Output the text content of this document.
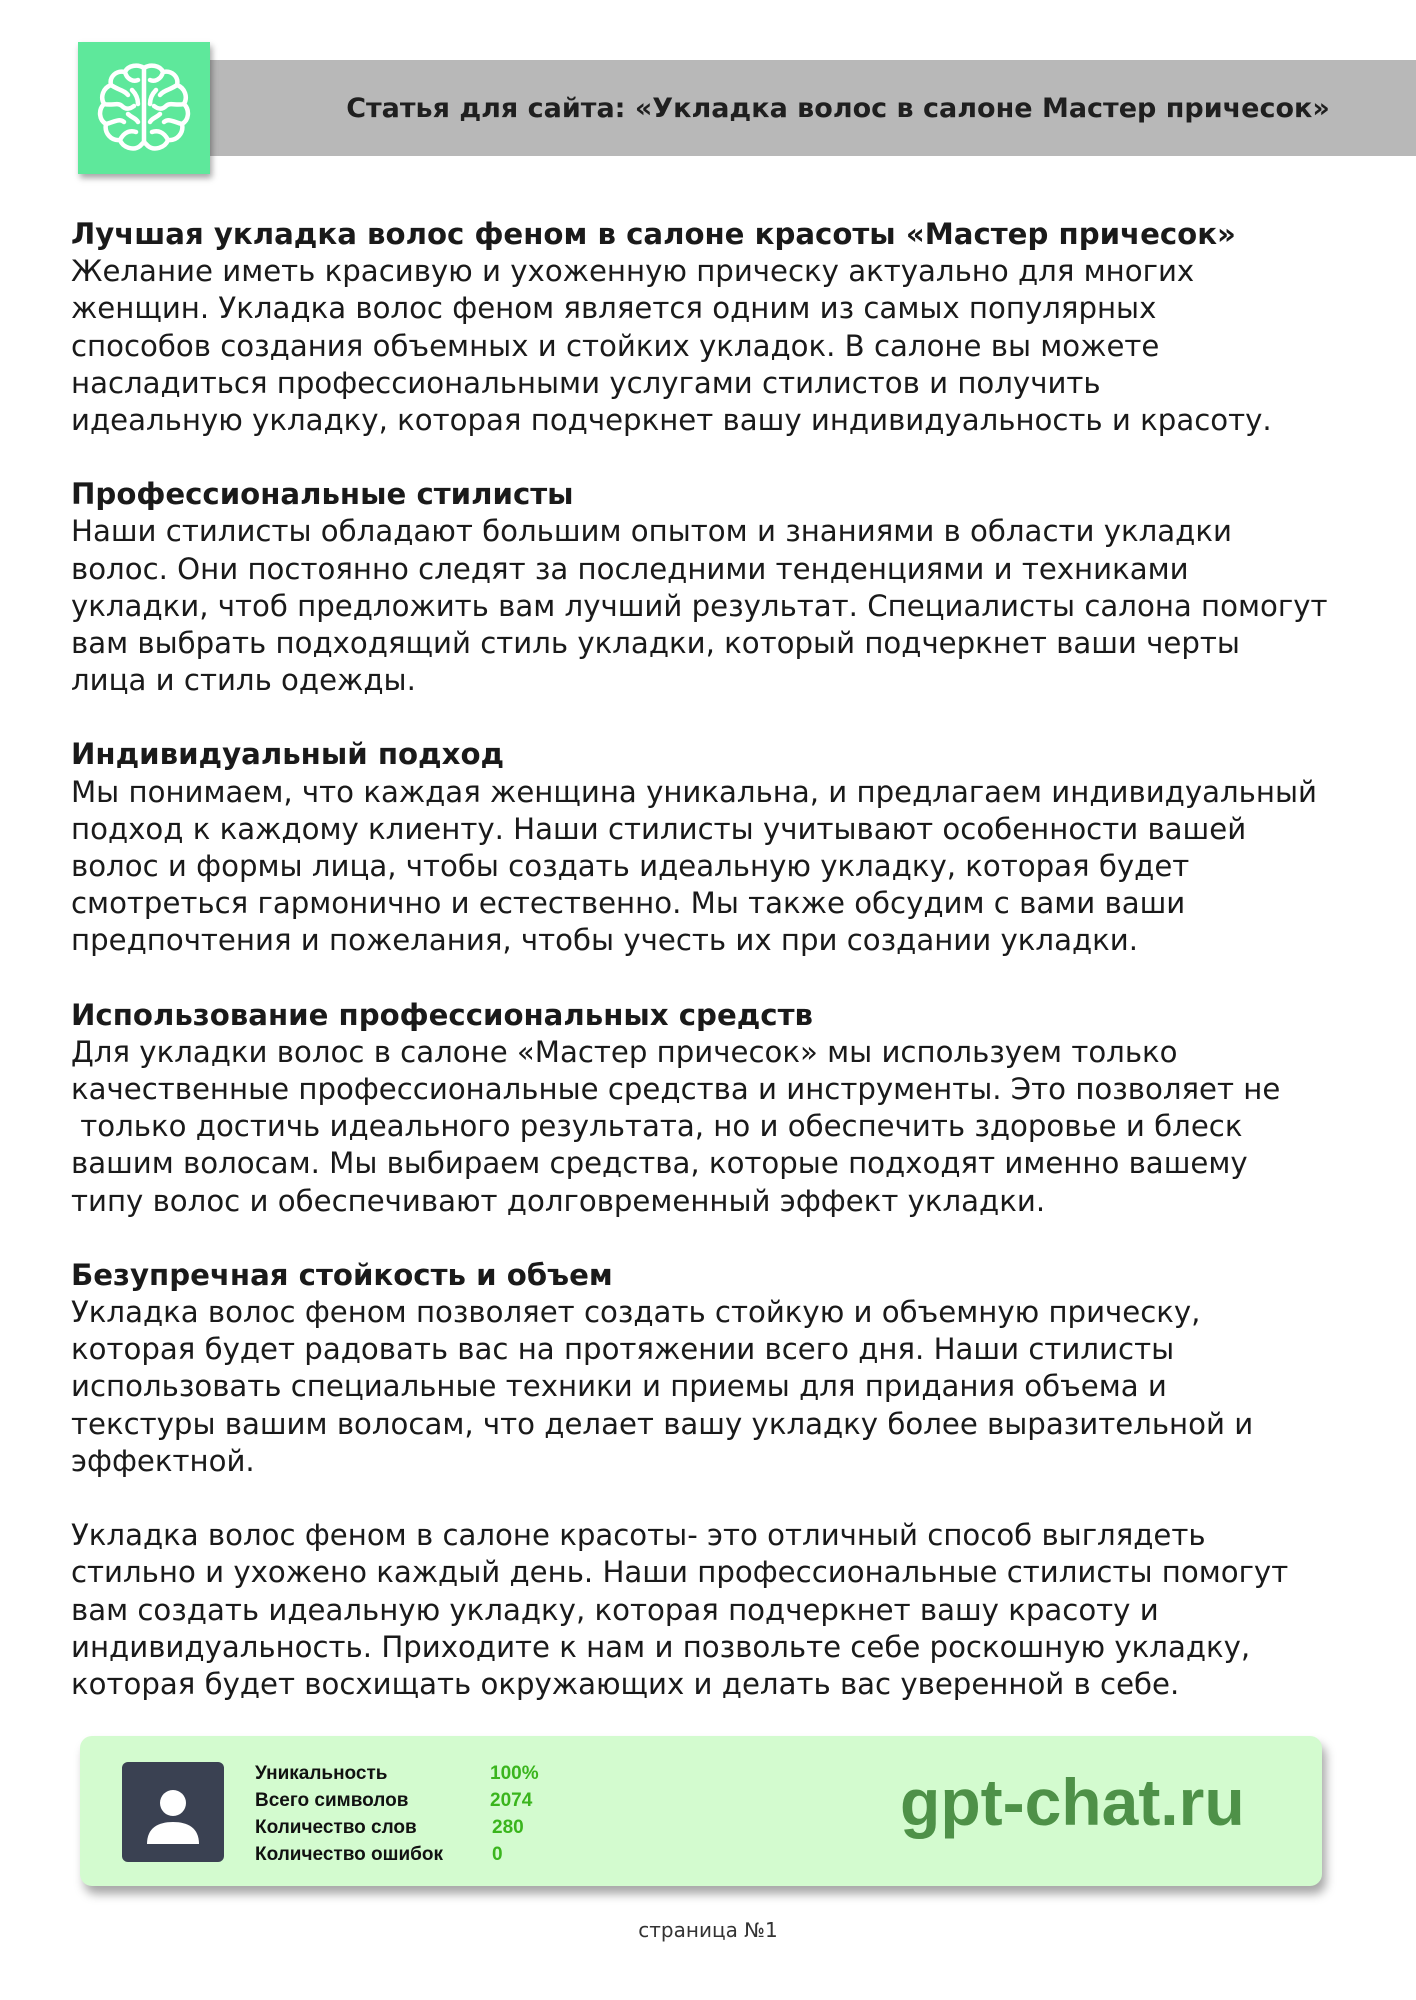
Статья для сайта: «Укладка волос в салоне Мастер причесок»

Лучшая укладка волос феном в салоне красоты «Мастер причесок»

Желание иметь красивую и ухоженную прическу актуально для многих

женщин. Укладка волос феном является одним из самых популярных

способов создания объемных и стойких укладок. В салоне вы можете

насладиться профессиональными услугами стилистов и получить

идеальную укладку, которая подчеркнет вашу индивидуальность и красоту.

Профессиональные стилисты

Наши стилисты обладают большим опытом и знаниями в области укладки

волос. Они постоянно следят за последними тенденциями и техниками

укладки, чтоб предложить вам лучший результат. Специалисты салона помогут

вам выбрать подходящий стиль укладки, который подчеркнет ваши черты

лица и стиль одежды.

Индивидуальный подход

Мы понимаем, что каждая женщина уникальна, и предлагаем индивидуальный

подход к каждому клиенту. Наши стилисты учитывают особенности вашей

волос и формы лица, чтобы создать идеальную укладку, которая будет

смотреться гармонично и естественно. Мы также обсудим с вами ваши

предпочтения и пожелания, чтобы учесть их при создании укладки.

Использование профессиональных средств

Для укладки волос в салоне «Мастер причесок» мы используем только

качественные профессиональные средства и инструменты. Это позволяет не

только достичь идеального результата, но и обеспечить здоровье и блеск

вашим волосам. Мы выбираем средства, которые подходят именно вашему

типу волос и обеспечивают долговременный эффект укладки.

Безупречная стойкость и объем

Укладка волос феном позволяет создать стойкую и объемную прическу,

которая будет радовать вас на протяжении всего дня. Наши стилисты

использовать специальные техники и приемы для придания объема и

текстуры вашим волосам, что делает вашу укладку более выразительной и

эффектной.

Укладка волос феном в салоне красоты- это отличный способ выглядеть

стильно и ухожено каждый день. Наши профессиональные стилисты помогут

вам создать идеальную укладку, которая подчеркнет вашу красоту и

индивидуальность. Приходите к нам и позвольте себе роскошную укладку,

которая будет восхищать окружающих и делать вас уверенной в себе.

Уникальность
Всего символов
Количество слов
Количество ошибок
100%
2074
280
0
gpt-chat.ru
страница №1
